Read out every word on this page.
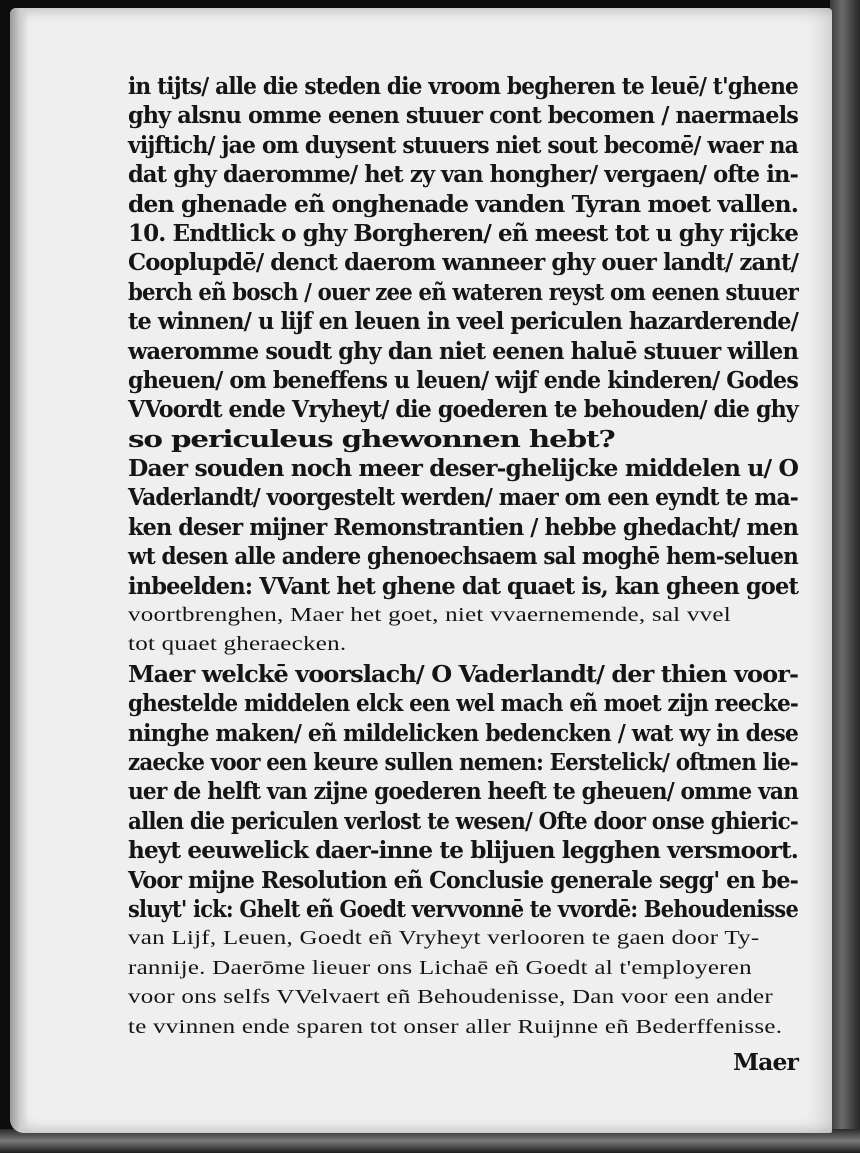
in tijts/ alle die steden die vroom begheren te leuē/ t'ghene
ghy alsnu omme eenen stuuer cont becomen / naermaels
vijftich/ jae om duysent stuuers niet sout becomē/ waer na
dat ghy daeromme/ het zy van hongher/ vergaen/ ofte in-
den ghenade eñ onghenade vanden Tyran moet vallen.
10. Endtlick o ghy Borgheren/ eñ meest tot u ghy rijcke
Cooplupdē/ denct daerom wanneer ghy ouer landt/ zant/
berch eñ bosch / ouer zee eñ wateren reyst om eenen stuuer
te winnen/ u lijf en leuen in veel periculen hazarderende/
waeromme soudt ghy dan niet eenen haluē stuuer willen
gheuen/ om beneffens u leuen/ wijf ende kinderen/ Godes
VVoordt ende Vryheyt/ die goederen te behouden/ die ghy
so periculeus ghewonnen hebt?
Daer souden noch meer deser-ghelijcke middelen u/ O
Vaderlandt/ voorgestelt werden/ maer om een eyndt te ma-
ken deser mijner Remonstrantien / hebbe ghedacht/ men
wt desen alle andere ghenoechsaem sal moghē hem-seluen
inbeelden: VVant het ghene dat quaet is, kan gheen goet
voortbrenghen, Maer het goet, niet vvaernemende, sal vvel
tot quaet gheraecken.
Maer welckē voorslach/ O Vaderlandt/ der thien voor-
ghestelde middelen elck een wel mach eñ moet zijn reecke-
ninghe maken/ eñ mildelicken bedencken / wat wy in dese
zaecke voor een keure sullen nemen: Eerstelick/ oftmen lie-
uer de helft van zijne goederen heeft te gheuen/ omme van
allen die periculen verlost te wesen/ Ofte door onse ghieric-
heyt eeuwelick daer-inne te blijuen legghen versmoort.
Voor mijne Resolution eñ Conclusie generale segg' en be-
sluyt' ick: Ghelt eñ Goedt vervvonnē te vvordē: Behoudenisse
van Lijf, Leuen, Goedt eñ Vryheyt verlooren te gaen door Ty-
rannije. Daerōme lieuer ons Lichaē eñ Goedt al t'employeren
voor ons selfs VVelvaert eñ Behoudenisse, Dan voor een ander
te vvinnen ende sparen tot onser aller Ruijnne eñ Bederffenisse.
Maer
